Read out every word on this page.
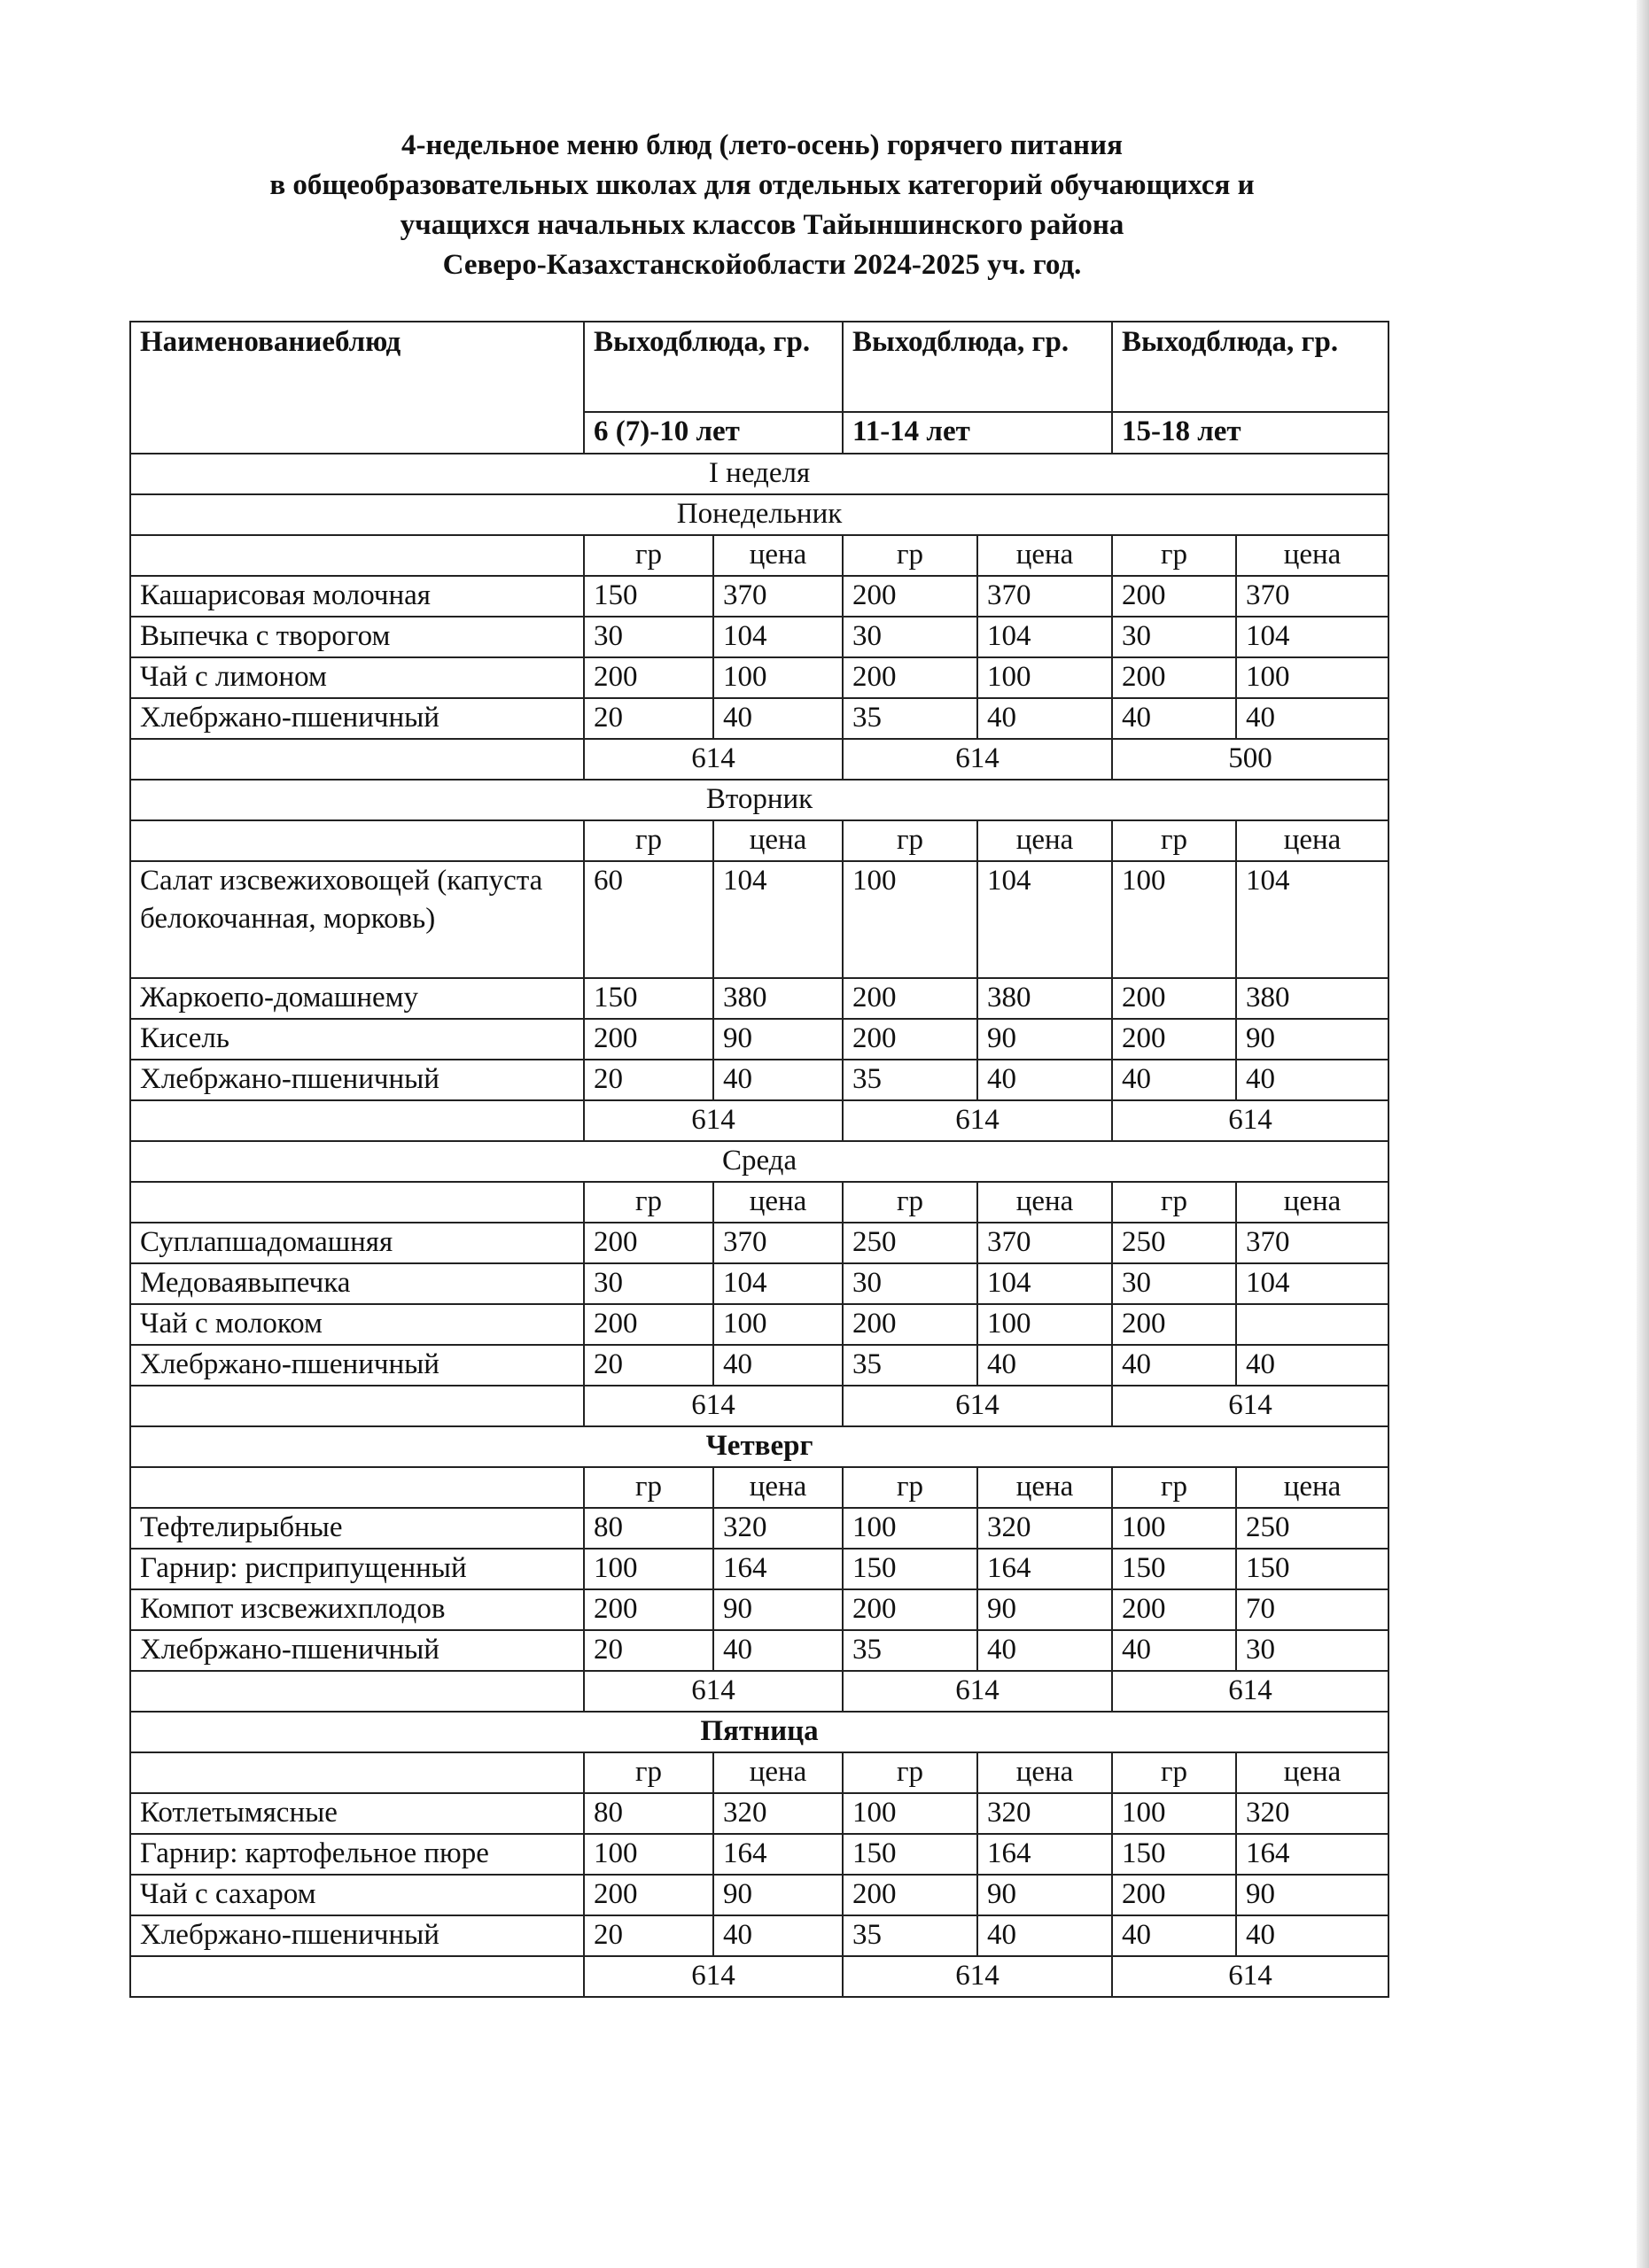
4-недельное меню блюд (лето-осень) горячего питания
в общеобразовательных школах для отдельных категорий обучающихся и
учащихся начальных классов Тайыншинского района
Северо-Казахстанскойобласти 2024-2025 уч. год.
Наименованиеблюд	Выходблюда, гр.		Выходблюда, гр.		Выходблюда, гр.	
	6 (7)-10 лет		11-14 лет		15-18 лет	
I неделя						
Понедельник						
	гр	цена	гр	цена	гр	цена
Кашарисовая молочная	150	370	200	370	200	370
Выпечка с творогом	30	104	30	104	30	104
Чай с лимоном	200	100	200	100	200	100
Хлебржано-пшеничный	20	40	35	40	40	40
	614		614		500	
Вторник						
	гр	цена	гр	цена	гр	цена
Салат изсвежиховощей (капуста белокочанная, морковь)	60	104	100	104	100	104
Жаркоепо-домашнему	150	380	200	380	200	380
Кисель	200	90	200	90	200	90
Хлебржано-пшеничный	20	40	35	40	40	40
	614		614		614	
Среда						
	гр	цена	гр	цена	гр	цена
Суплапшадомашняя	200	370	250	370	250	370
Медоваявыпечка	30	104	30	104	30	104
Чай с молоком	200	100	200	100	200	
Хлебржано-пшеничный	20	40	35	40	40	40
	614		614		614	
Четверг						
	гр	цена	гр	цена	гр	цена
Тефтелирыбные	80	320	100	320	100	250
Гарнир: рисприпущенный	100	164	150	164	150	150
Компот изсвежихплодов	200	90	200	90	200	70
Хлебржано-пшеничный	20	40	35	40	40	30
	614		614		614	
Пятница						
	гр	цена	гр	цена	гр	цена
Котлетымясные	80	320	100	320	100	320
Гарнир: картофельное пюре	100	164	150	164	150	164
Чай с сахаром	200	90	200	90	200	90
Хлебржано-пшеничный	20	40	35	40	40	40
	614		614		614	
